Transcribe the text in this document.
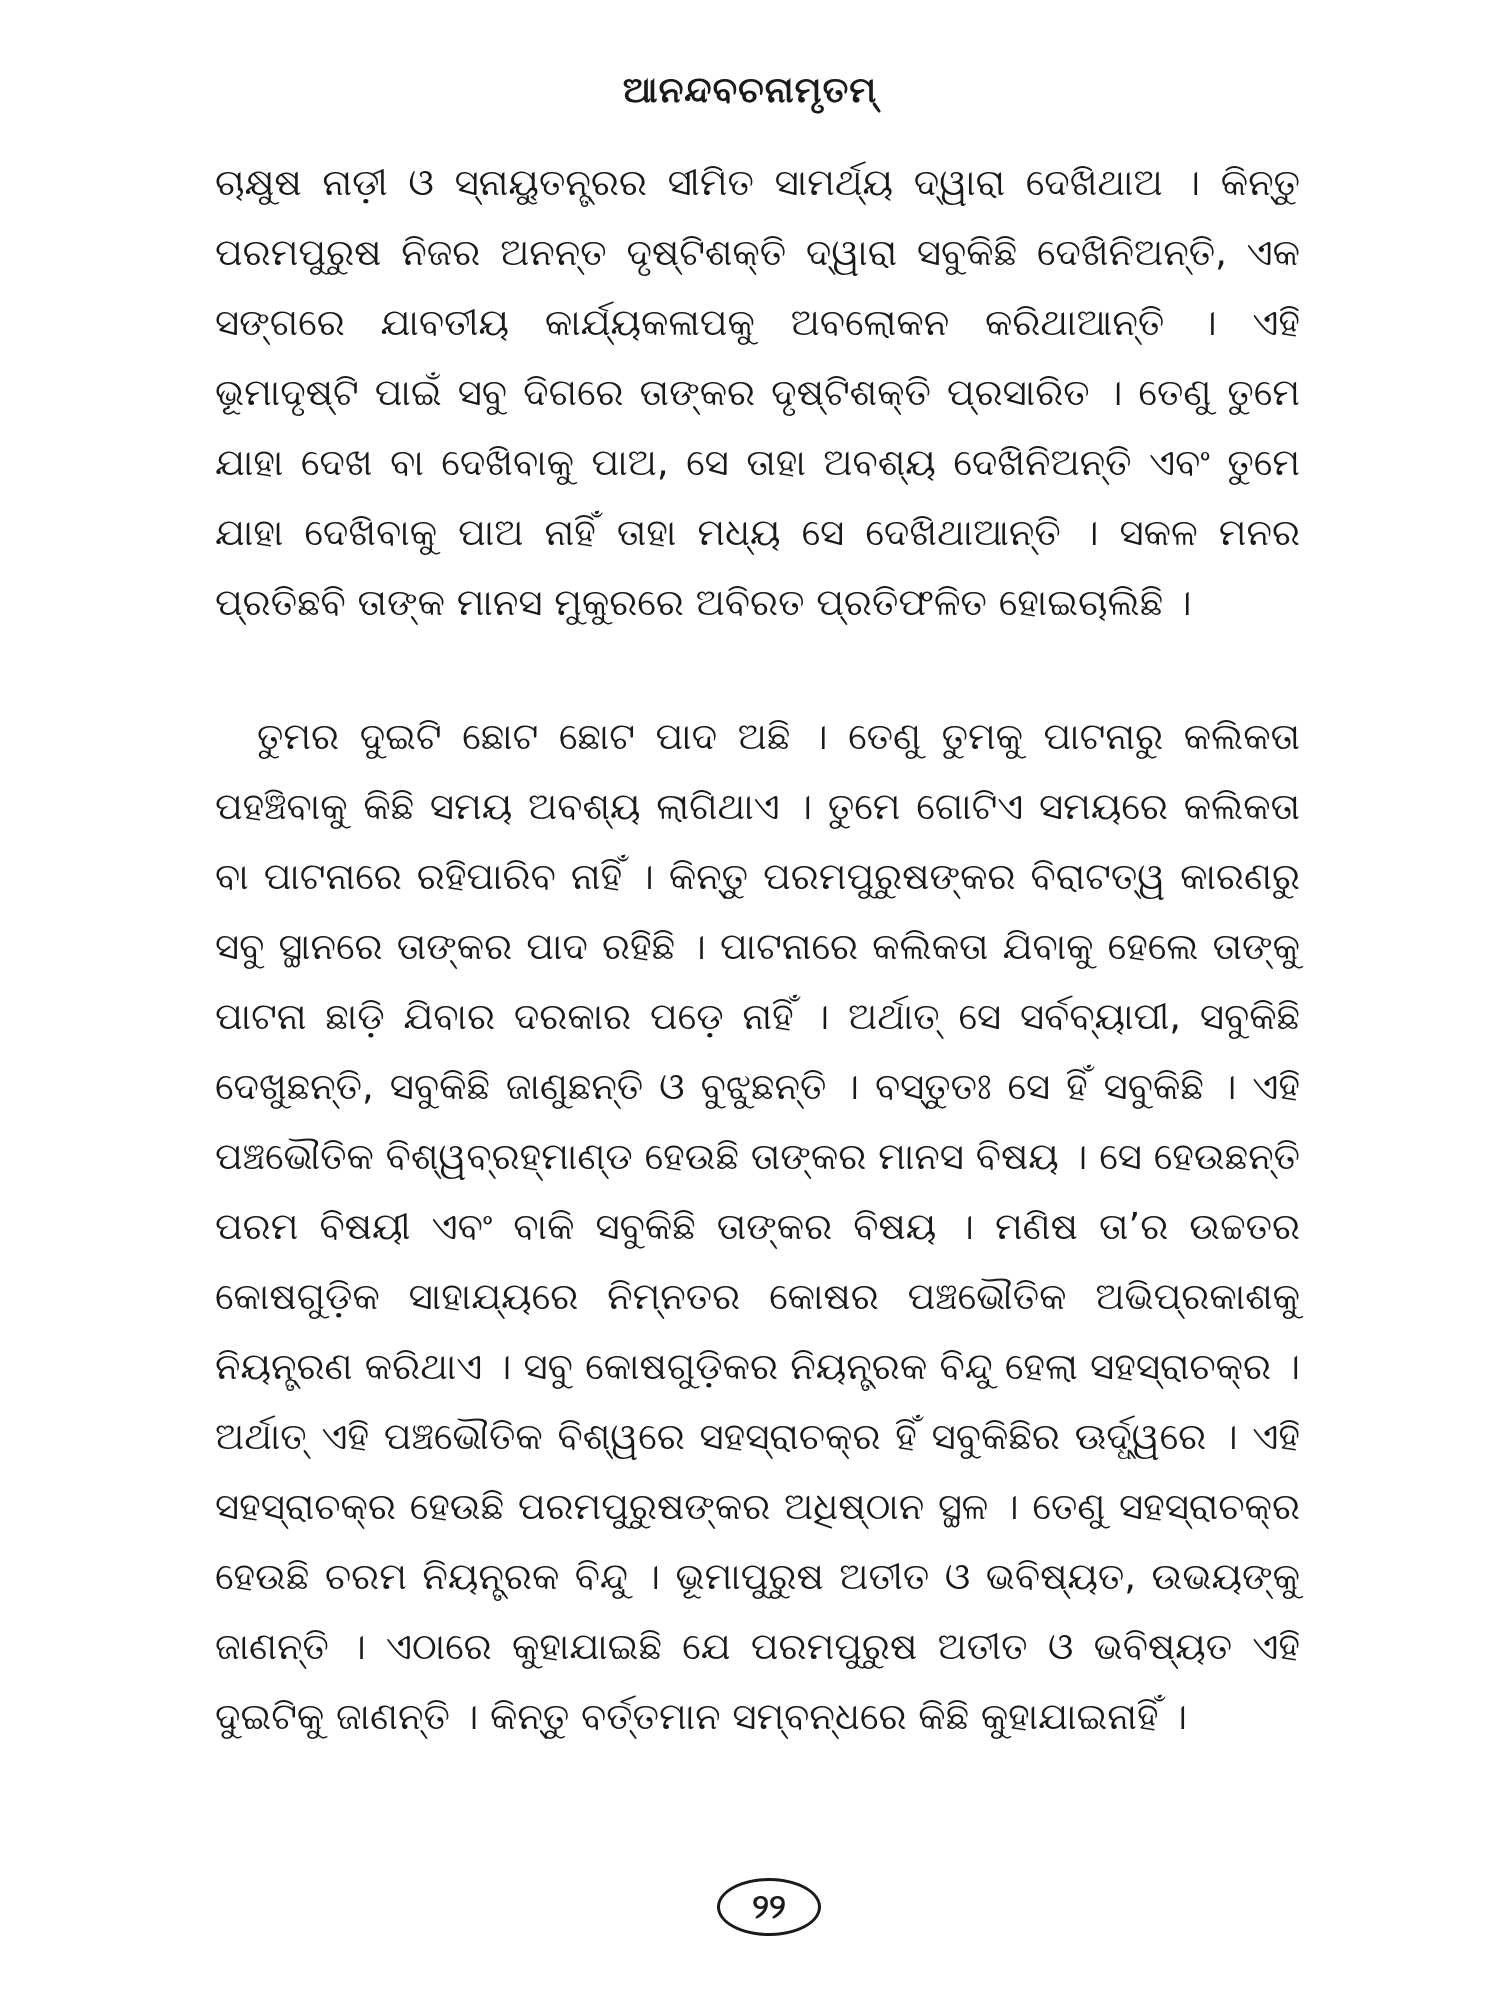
ଆନନ୍ଦବଚନାମୃତମ୍

ଚାକ୍ଷୁଷ ନାଡ଼ୀ ଓ ସ୍ନାୟୁତନ୍ତ୍ରର ସୀମିତ ସାମର୍ଥ୍ୟ ଦ୍ୱାରା ଦେଖିଥାଅ । କିନ୍ତୁ ପରମପୁରୁଷ ନିଜର ଅନନ୍ତ ଦୃଷ୍ଟିଶକ୍ତି ଦ୍ୱାରା ସବୁକିଛି ଦେଖିନିଅନ୍ତି, ଏକ ସଙ୍ଗରେ ଯାବତୀୟ କାର୍ଯ୍ୟକଳାପକୁ ଅବଲୋକନ କରିଥାଆନ୍ତି । ଏହି ଭୂମାଦୃଷ୍ଟି ପାଇଁ ସବୁ ଦିଗରେ ତାଙ୍କର ଦୃଷ୍ଟିଶକ୍ତି ପ୍ରସାରିତ । ତେଣୁ ତୁମେ ଯାହା ଦେଖ ବା ଦେଖିବାକୁ ପାଅ, ସେ ତାହା ଅବଶ୍ୟ ଦେଖିନିଅନ୍ତି ଏବଂ ତୁମେ ଯାହା ଦେଖିବାକୁ ପାଅ ନାହିଁ ତାହା ମଧ୍ୟ ସେ ଦେଖିଥାଆନ୍ତି । ସକଳ ମନର ପ୍ରତିଛବି ତାଙ୍କ ମାନସ ମୁକୁରରେ ଅବିରତ ପ୍ରତିଫଳିତ ହୋଇଚାଲିଛି ।

ତୁମର ଦୁଇଟି ଛୋଟ ଛୋଟ ପାଦ ଅଛି । ତେଣୁ ତୁମକୁ ପାଟନାରୁ କଲିକତା ପହଞ୍ଚିବାକୁ କିଛି ସମୟ ଅବଶ୍ୟ ଲାଗିଥାଏ । ତୁମେ ଗୋଟିଏ ସମୟରେ କଲିକତା ବା ପାଟନାରେ ରହିପାରିବ ନାହିଁ । କିନ୍ତୁ ପରମପୁରୁଷଙ୍କର ବିରାଟତ୍ୱ କାରଣରୁ ସବୁ ସ୍ଥାନରେ ତାଙ୍କର ପାଦ ରହିଛି । ପାଟନାରେ କଲିକତା ଯିବାକୁ ହେଲେ ତାଙ୍କୁ ପାଟନା ଛାଡ଼ି ଯିବାର ଦରକାର ପଡ଼େ ନାହିଁ । ଅର୍ଥାତ୍ ସେ ସର୍ବବ୍ୟାପୀ, ସବୁକିଛି ଦେଖୁଛନ୍ତି, ସବୁକିଛି ଜାଣୁଛନ୍ତି ଓ ବୁଝୁଛନ୍ତି । ବସ୍ତୁତଃ ସେ ହିଁ ସବୁକିଛି । ଏହି ପଞ୍ଚଭୌତିକ ବିଶ୍ୱବ୍ରହ୍ମାଣ୍ଡ ହେଉଛି ତାଙ୍କର ମାନସ ବିଷୟ । ସେ ହେଉଛନ୍ତି ପରମ ବିଷୟୀ ଏବଂ ବାକି ସବୁକିଛି ତାଙ୍କର ବିଷୟ । ମଣିଷ ତା’ର ଉଚ୍ଚତର କୋଷଗୁଡ଼ିକ ସାହାଯ୍ୟରେ ନିମ୍ନତର କୋଷର ପଞ୍ଚଭୌତିକ ଅଭିପ୍ରକାଶକୁ ନିୟନ୍ତ୍ରଣ କରିଥାଏ । ସବୁ କୋଷଗୁଡ଼ିକର ନିୟନ୍ତ୍ରକ ବିନ୍ଦୁ ହେଲା ସହସ୍ରାଚକ୍ର । ଅର୍ଥାତ୍ ଏହି ପଞ୍ଚଭୌତିକ ବିଶ୍ୱରେ ସହସ୍ରାଚକ୍ର ହିଁ ସବୁକିଛିର ଊର୍ଦ୍ଧ୍ୱରେ । ଏହି ସହସ୍ରାଚକ୍ର ହେଉଛି ପରମପୁରୁଷଙ୍କର ଅଧିଷ୍ଠାନ ସ୍ଥଳ । ତେଣୁ ସହସ୍ରାଚକ୍ର ହେଉଛି ଚରମ ନିୟନ୍ତ୍ରକ ବିନ୍ଦୁ । ଭୂମାପୁରୁଷ ଅତୀତ ଓ ଭବିଷ୍ୟତ, ଉଭୟଙ୍କୁ ଜାଣନ୍ତି । ଏଠାରେ କୁହାଯାଇଛି ଯେ ପରମପୁରୁଷ ଅତୀତ ଓ ଭବିଷ୍ୟତ ଏହି ଦୁଇଟିକୁ ଜାଣନ୍ତି । କିନ୍ତୁ ବର୍ତ୍ତମାନ ସମ୍ବନ୍ଧରେ କିଛି କୁହାଯାଇନାହିଁ ।

୨୨
